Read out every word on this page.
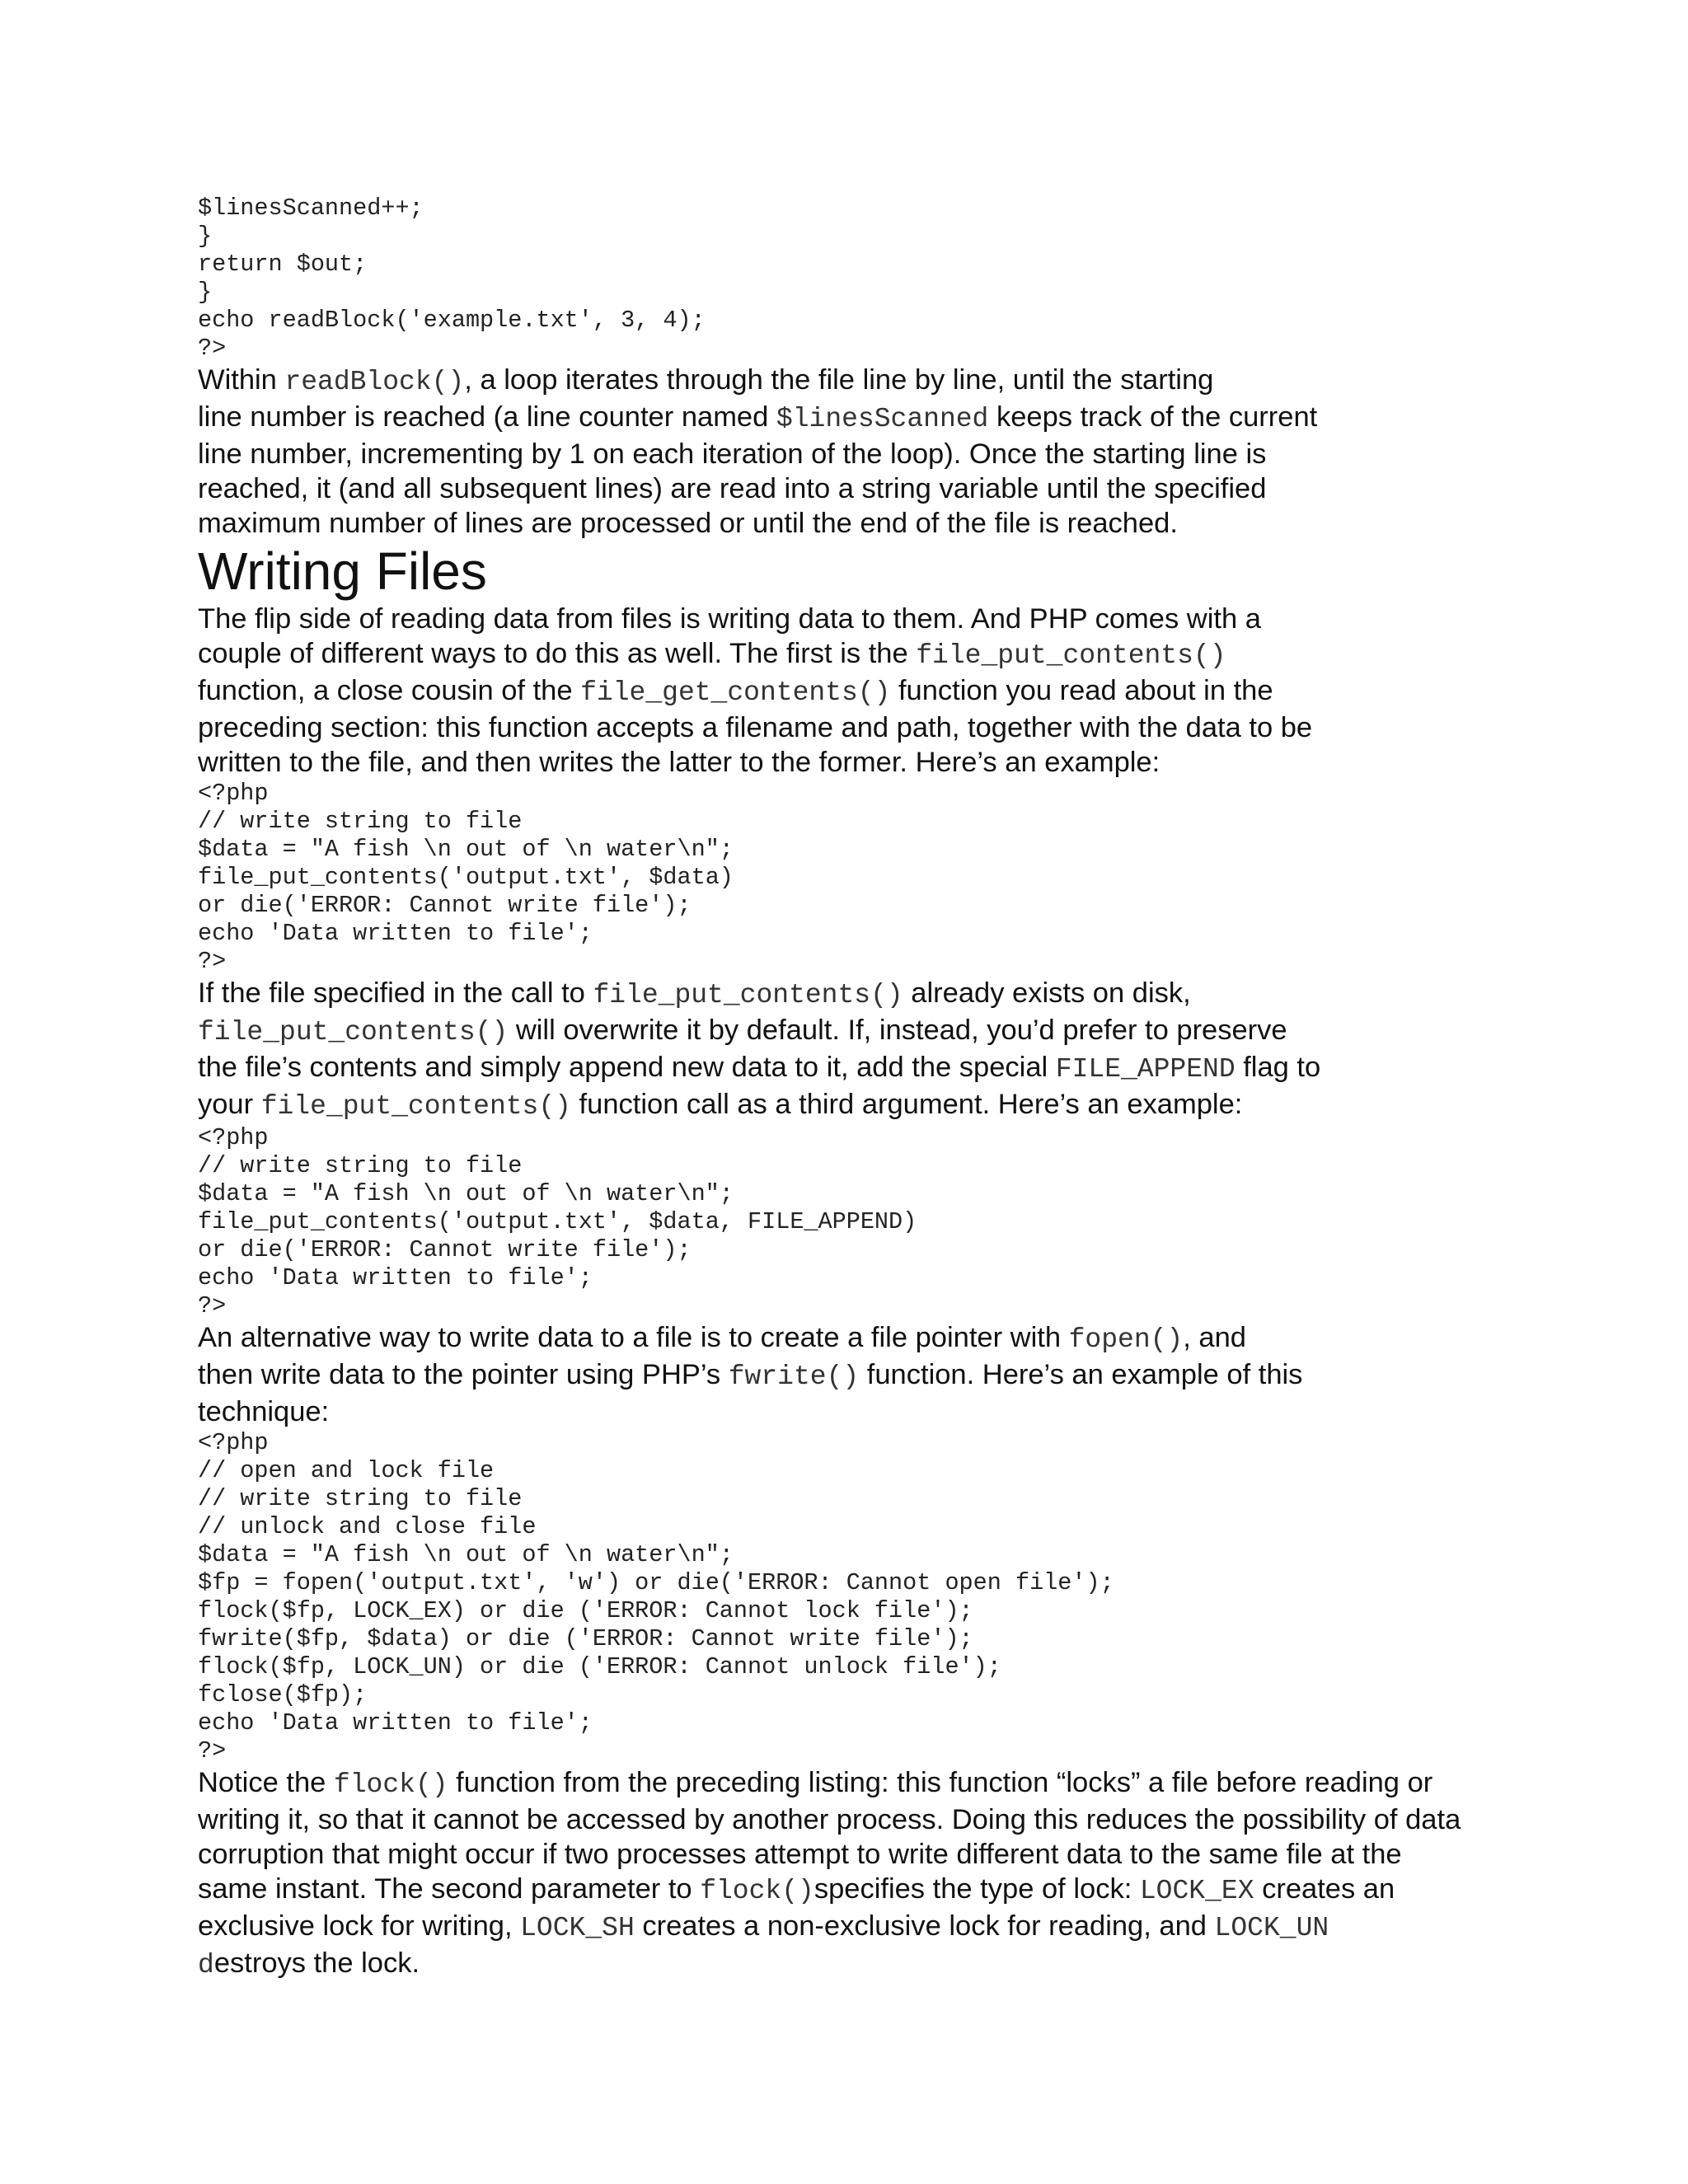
$linesScanned++;
}
return $out;
}
echo readBlock('example.txt', 3, 4);
?>

Within readBlock(), a loop iterates through the file line by line, until the starting
line number is reached (a line counter named $linesScanned keeps track of the current
line number, incrementing by 1 on each iteration of the loop). Once the starting line is
reached, it (and all subsequent lines) are read into a string variable until the specified
maximum number of lines are processed or until the end of the file is reached.

Writing Files

The flip side of reading data from files is writing data to them. And PHP comes with a
couple of different ways to do this as well. The first is the file_put_contents()
function, a close cousin of the file_get_contents() function you read about in the
preceding section: this function accepts a filename and path, together with the data to be
written to the file, and then writes the latter to the former. Here’s an example:

<?php
// write string to file
$data = "A fish \n out of \n water\n";
file_put_contents('output.txt', $data)
or die('ERROR: Cannot write file');
echo 'Data written to file';
?>

If the file specified in the call to file_put_contents() already exists on disk,
file_put_contents() will overwrite it by default. If, instead, you’d prefer to preserve
the file’s contents and simply append new data to it, add the special FILE_APPEND flag to
your file_put_contents() function call as a third argument. Here’s an example:

<?php
// write string to file
$data = "A fish \n out of \n water\n";
file_put_contents('output.txt', $data, FILE_APPEND)
or die('ERROR: Cannot write file');
echo 'Data written to file';
?>

An alternative way to write data to a file is to create a file pointer with fopen(), and
then write data to the pointer using PHP’s fwrite() function. Here’s an example of this
technique:

<?php
// open and lock file
// write string to file
// unlock and close file
$data = "A fish \n out of \n water\n";
$fp = fopen('output.txt', 'w') or die('ERROR: Cannot open file');
flock($fp, LOCK_EX) or die ('ERROR: Cannot lock file');
fwrite($fp, $data) or die ('ERROR: Cannot write file');
flock($fp, LOCK_UN) or die ('ERROR: Cannot unlock file');
fclose($fp);
echo 'Data written to file';
?>

Notice the flock() function from the preceding listing: this function “locks” a file before reading or
writing it, so that it cannot be accessed by another process. Doing this reduces the possibility of data
corruption that might occur if two processes attempt to write different data to the same file at the
same instant. The second parameter to flock()specifies the type of lock: LOCK_EX creates an
exclusive lock for writing, LOCK_SH creates a non-exclusive lock for reading, and LOCK_UN
destroys the lock.
